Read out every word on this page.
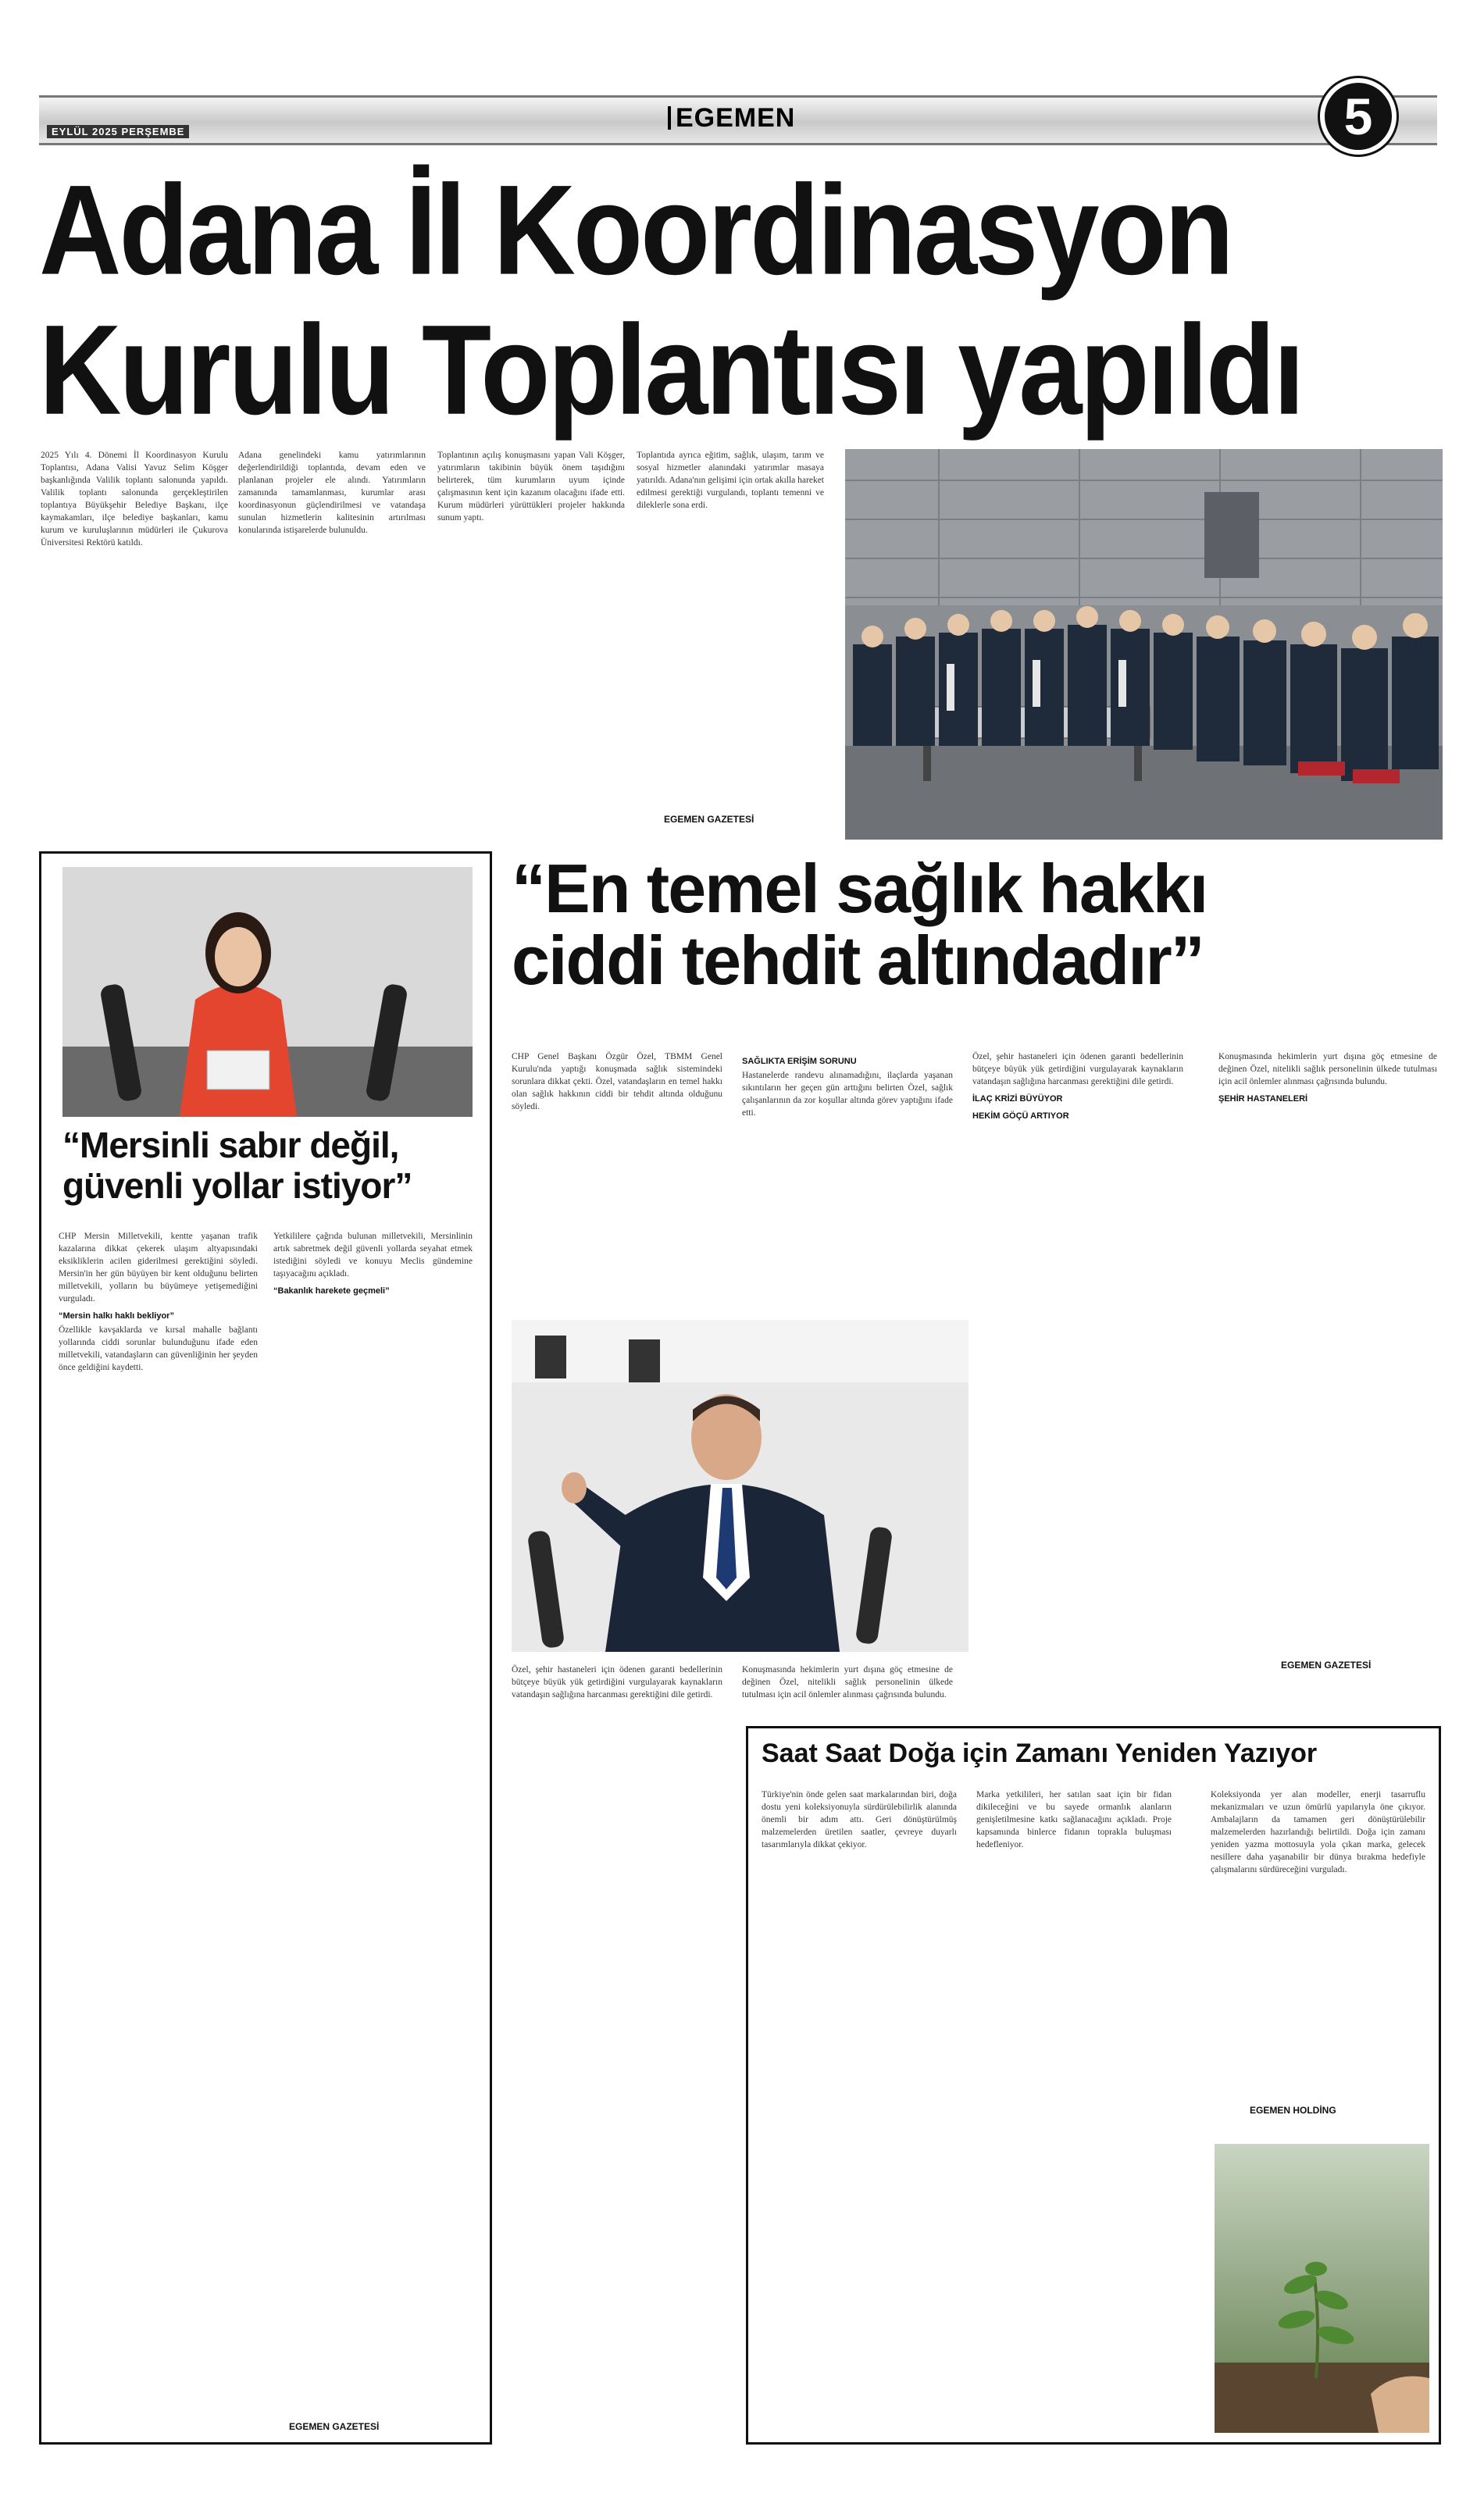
EYLÜL 2025 PERŞEMBE	EGEMEN	5
Adana İl Koordinasyon
Kurulu Toplantısı yapıldı
2025 Yılı 4. Dönemi İl Koordinasyon Kurulu Toplantısı, Adana Valisi Yavuz Selim Köşger başkanlığında Valilik toplantı salonunda yapıldı. Valilik toplantı salonunda gerçekleştirilen toplantıya Büyükşehir Belediye Başkanı, ilçe kaymakamları, ilçe belediye başkanları, kamu kurum ve kuruluşlarının müdürleri ile Çukurova Üniversitesi Rektörü katıldı.
Adana genelindeki kamu yatırımlarının değerlendirildiği toplantıda, devam eden ve planlanan projeler ele alındı. Yatırımların zamanında tamamlanması, kurumlar arası koordinasyonun güçlendirilmesi ve vatandaşa sunulan hizmetlerin kalitesinin artırılması konularında istişarelerde bulunuldu.
Toplantının açılış konuşmasını yapan Vali Köşger, yatırımların takibinin büyük önem taşıdığını belirterek, tüm kurumların uyum içinde çalışmasının kent için kazanım olacağını ifade etti. Kurum müdürleri yürüttükleri projeler hakkında sunum yaptı.
Toplantıda ayrıca eğitim, sağlık, ulaşım, tarım ve sosyal hizmetler alanındaki yatırımlar masaya yatırıldı. Adana'nın gelişimi için ortak akılla hareket edilmesi gerektiği vurgulandı, toplantı temenni ve dileklerle sona erdi.
EGEMEN GAZETESİ
“Mersinli sabır değil,
güvenli yollar istiyor”
CHP Mersin Milletvekili, kentte yaşanan trafik kazalarına dikkat çekerek ulaşım altyapısındaki eksikliklerin acilen giderilmesi gerektiğini söyledi. Mersin'in her gün büyüyen bir kent olduğunu belirten milletvekili, yolların bu büyümeye yetişemediğini vurguladı.
“Mersin halkı haklı bekliyor”
Özellikle kavşaklarda ve kırsal mahalle bağlantı yollarında ciddi sorunlar bulunduğunu ifade eden milletvekili, vatandaşların can güvenliğinin her şeyden önce geldiğini kaydetti.
Yetkililere çağrıda bulunan milletvekili, Mersinlinin artık sabretmek değil güvenli yollarda seyahat etmek istediğini söyledi ve konuyu Meclis gündemine taşıyacağını açıkladı.
“Bakanlık harekete geçmeli”
EGEMEN GAZETESİ
“En temel sağlık hakkı
ciddi tehdit altındadır”
CHP Genel Başkanı Özgür Özel, TBMM Genel Kurulu'nda yaptığı konuşmada sağlık sistemindeki sorunlara dikkat çekti. Özel, vatandaşların en temel hakkı olan sağlık hakkının ciddi bir tehdit altında olduğunu söyledi.
SAĞLIKTA ERİŞİM SORUNU
Hastanelerde randevu alınamadığını, ilaçlarda yaşanan sıkıntıların her geçen gün arttığını belirten Özel, sağlık çalışanlarının da zor koşullar altında görev yaptığını ifade etti.
Özel, şehir hastaneleri için ödenen garanti bedellerinin bütçeye büyük yük getirdiğini vurgulayarak kaynakların vatandaşın sağlığına harcanması gerektiğini dile getirdi.
İLAÇ KRİZİ BÜYÜYOR
HEKİM GÖÇÜ ARTIYOR
Konuşmasında hekimlerin yurt dışına göç etmesine de değinen Özel, nitelikli sağlık personelinin ülkede tutulması için acil önlemler alınması çağrısında bulundu.
ŞEHİR HASTANELERİ
EGEMEN GAZETESİ
Özel, şehir hastaneleri için ödenen garanti bedellerinin bütçeye büyük yük getirdiğini vurgulayarak kaynakların vatandaşın sağlığına harcanması gerektiğini dile getirdi.
Konuşmasında hekimlerin yurt dışına göç etmesine de değinen Özel, nitelikli sağlık personelinin ülkede tutulması için acil önlemler alınması çağrısında bulundu.
Saat Saat Doğa için Zamanı Yeniden Yazıyor
Türkiye'nin önde gelen saat markalarından biri, doğa dostu yeni koleksiyonuyla sürdürülebilirlik alanında önemli bir adım attı. Geri dönüştürülmüş malzemelerden üretilen saatler, çevreye duyarlı tasarımlarıyla dikkat çekiyor.
Marka yetkilileri, her satılan saat için bir fidan dikileceğini ve bu sayede ormanlık alanların genişletilmesine katkı sağlanacağını açıkladı. Proje kapsamında binlerce fidanın toprakla buluşması hedefleniyor.
Koleksiyonda yer alan modeller, enerji tasarruflu mekanizmaları ve uzun ömürlü yapılarıyla öne çıkıyor. Ambalajların da tamamen geri dönüştürülebilir malzemelerden hazırlandığı belirtildi. Doğa için zamanı yeniden yazma mottosuyla yola çıkan marka, gelecek nesillere daha yaşanabilir bir dünya bırakma hedefiyle çalışmalarını sürdüreceğini vurguladı.
EGEMEN HOLDİNG
